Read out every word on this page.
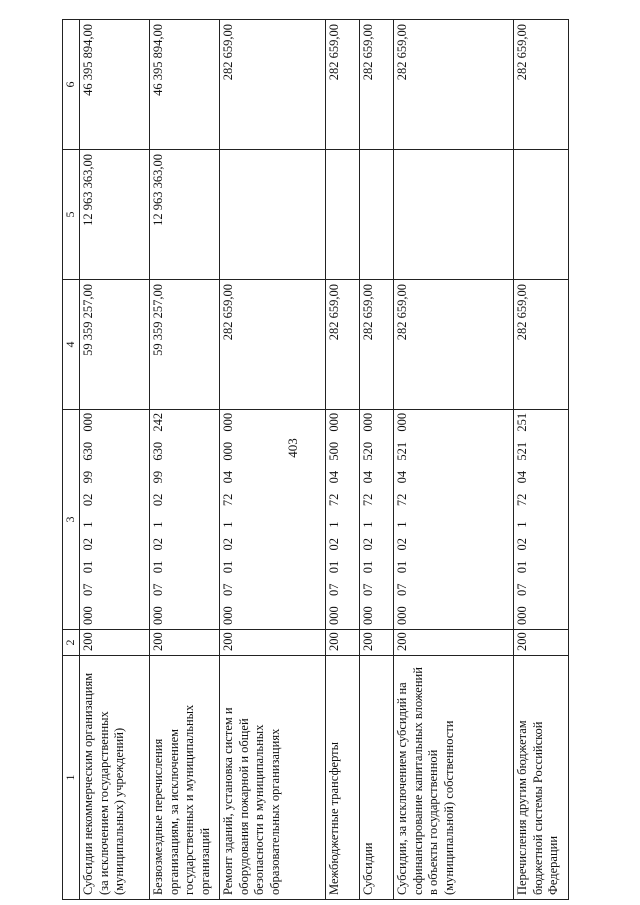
403
1	2	3	4	5	6
Субсидии некоммерческим организациям (за исключением государственных (муниципальных) учреждений)	200	000  07  01  02  1   02  99  630  000	59 359 257,00	12 963 363,00	46 395 894,00
Безвозмездные перечисления организациям, за исключением государственных и муниципальных организаций	200	000  07  01  02  1   02  99  630  242	59 359 257,00	12 963 363,00	46 395 894,00
Ремонт зданий, установка систем и оборудования пожарной и общей безопасности в муниципальных образовательных организациях	200	000  07  01  02  1   72  04  000  000	282 659,00		282 659,00
Межбюджетные трансферты	200	000  07  01  02  1   72  04  500  000	282 659,00		282 659,00
Субсидии	200	000  07  01  02  1   72  04  520  000	282 659,00		282 659,00
Субсидии, за исключением субсидий на софинансирование капитальных вложений в объекты государственной (муниципальной) собственности	200	000  07  01  02  1   72  04  521  000	282 659,00		282 659,00
Перечисления другим бюджетам бюджетной системы Российской Федерации	200	000  07  01  02  1   72  04  521  251	282 659,00		282 659,00
